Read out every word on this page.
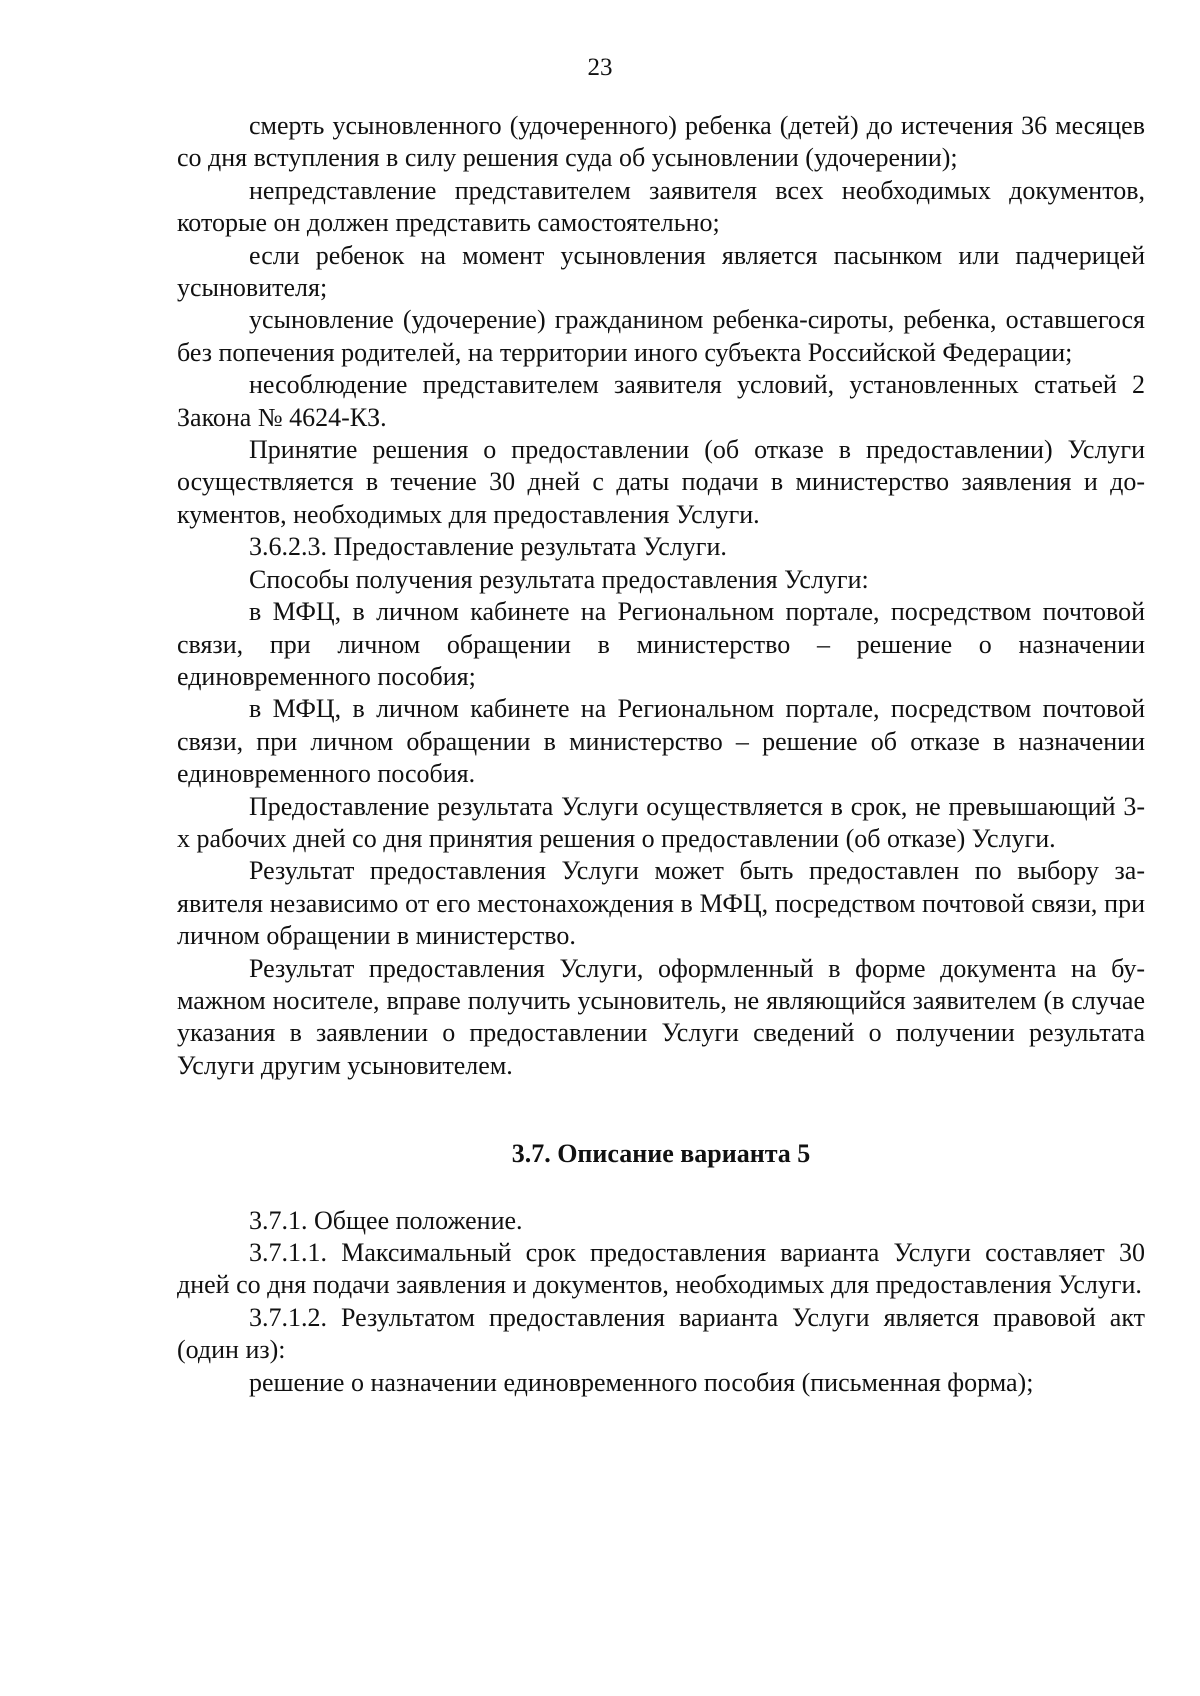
23

смерть усыновленного (удочеренного) ребенка (детей) до истечения 36 месяцев со дня вступления в силу решения суда об усыновлении (удочерении);

непредставление представителем заявителя всех необходимых документов, которые он должен представить самостоятельно;

если ребенок на момент усыновления является пасынком или падчерицей усыновителя;

усыновление (удочерение) гражданином ребенка-сироты, ребенка, оставшегося без попечения родителей, на территории иного субъекта Российской Федерации;

несоблюдение представителем заявителя условий, установленных статьей 2 Закона № 4624-КЗ.

Принятие решения о предоставлении (об отказе в предоставлении) Услуги осуществляется в течение 30 дней с даты подачи в министерство заявления и документов, необходимых для предоставления Услуги.

3.6.2.3. Предоставление результата Услуги.

Способы получения результата предоставления Услуги:

в МФЦ, в личном кабинете на Региональном портале, посредством почтовой связи, при личном обращении в министерство – решение о назначении единовременного пособия;

в МФЦ, в личном кабинете на Региональном портале, посредством почтовой связи, при личном обращении в министерство – решение об отказе в назначении единовременного пособия.

Предоставление результата Услуги осуществляется в срок, не превышающий 3-х рабочих дней со дня принятия решения о предоставлении (об отказе) Услуги.

Результат предоставления Услуги может быть предоставлен по выбору заявителя независимо от его местонахождения в МФЦ, посредством почтовой связи, при личном обращении в министерство.

Результат предоставления Услуги, оформленный в форме документа на бумажном носителе, вправе получить усыновитель, не являющийся заявителем (в случае указания в заявлении о предоставлении Услуги сведений о получении результата Услуги другим усыновителем.

3.7. Описание варианта 5

3.7.1. Общее положение.

3.7.1.1. Максимальный срок предоставления варианта Услуги составляет 30 дней со дня подачи заявления и документов, необходимых для предоставления Услуги.

3.7.1.2. Результатом предоставления варианта Услуги является правовой акт (один из):

решение о назначении единовременного пособия (письменная форма);
